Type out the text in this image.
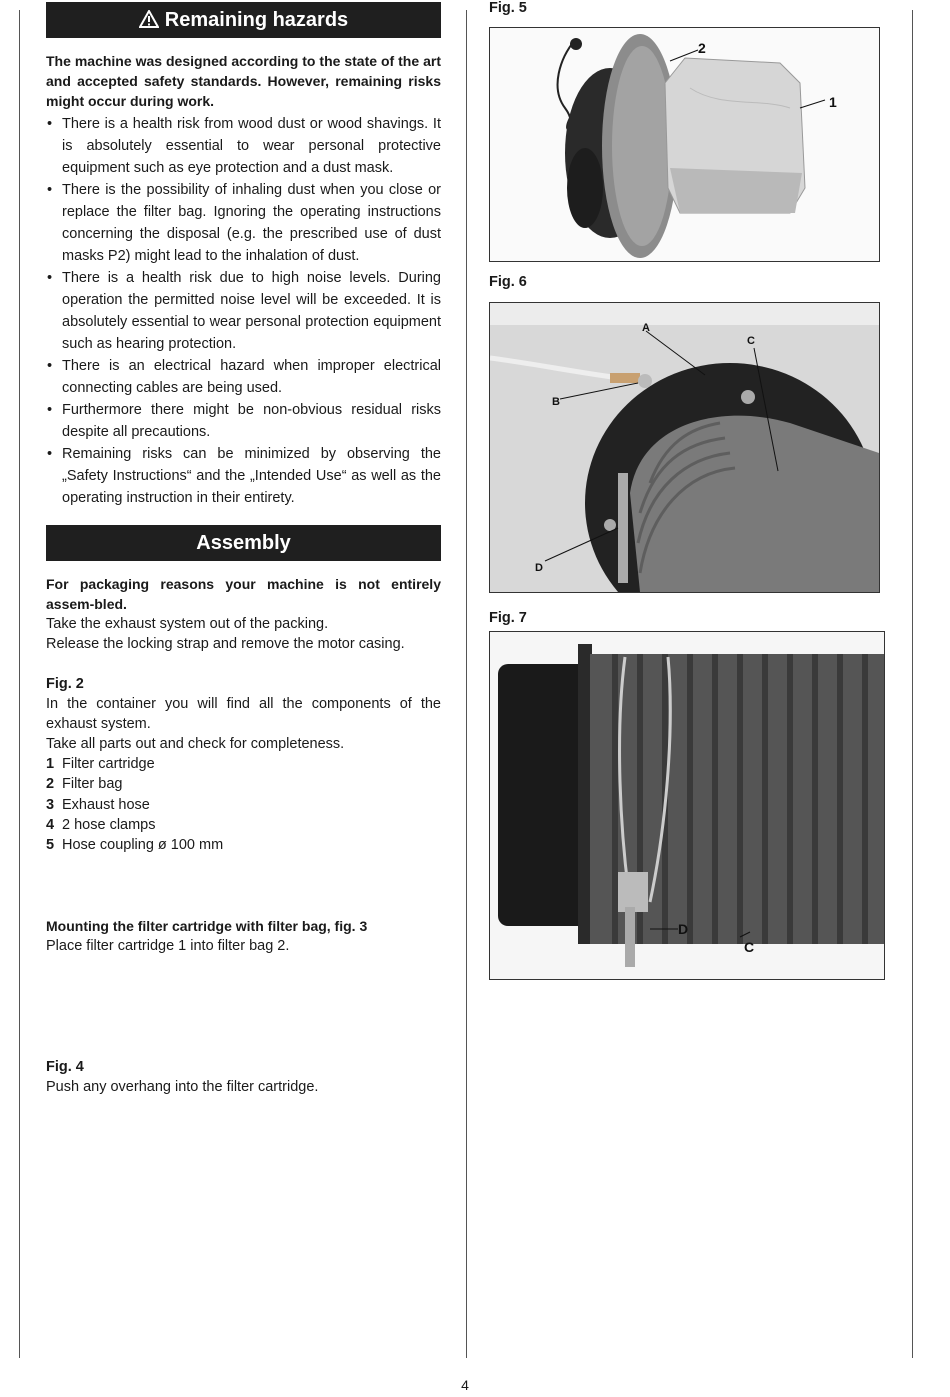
Remaining hazards

The machine was designed according to the state of the art and accepted safety standards. However, remaining risks might occur during work.

• There is a health risk from wood dust or wood shavings. It is absolutely essential to wear personal protective equipment such as eye protection and a dust mask.
• There is the possibility of inhaling dust when you close or replace the filter bag. Ignoring the operating instructions concerning the disposal (e.g. the prescribed use of dust masks P2) might lead to the inhalation of dust.
• There is a health risk due to high noise levels. During operation the permitted noise level will be exceeded. It is absolutely essential to wear personal protection equipment such as hearing protection.
• There is an electrical hazard when improper electrical connecting cables are being used.
• Furthermore there might be non-obvious residual risks despite all precautions.
• Remaining risks can be minimized by observing the „Safety Instructions“ and the „Intended Use“ as well as the operating instruction in their entirety.
Assembly

For packaging reasons your machine is not entirely assem-bled.

Take the exhaust system out of the packing.

Release the locking strap and remove the motor casing.

Fig. 2

In the container you will find all the components of the exhaust system.

Take all parts out and check for completeness.

1 Filter cartridge
2 Filter bag
3 Exhaust hose
4 2 hose clamps
5 Hose coupling ø 100 mm

Mounting the filter cartridge with filter bag, fig. 3

Place filter cartridge 1 into filter bag 2.

Fig. 4

Push any overhang into the filter cartridge.

Fig. 5
2
1
Fig. 6
A
C
B
D
Fig. 7
D
C
4
